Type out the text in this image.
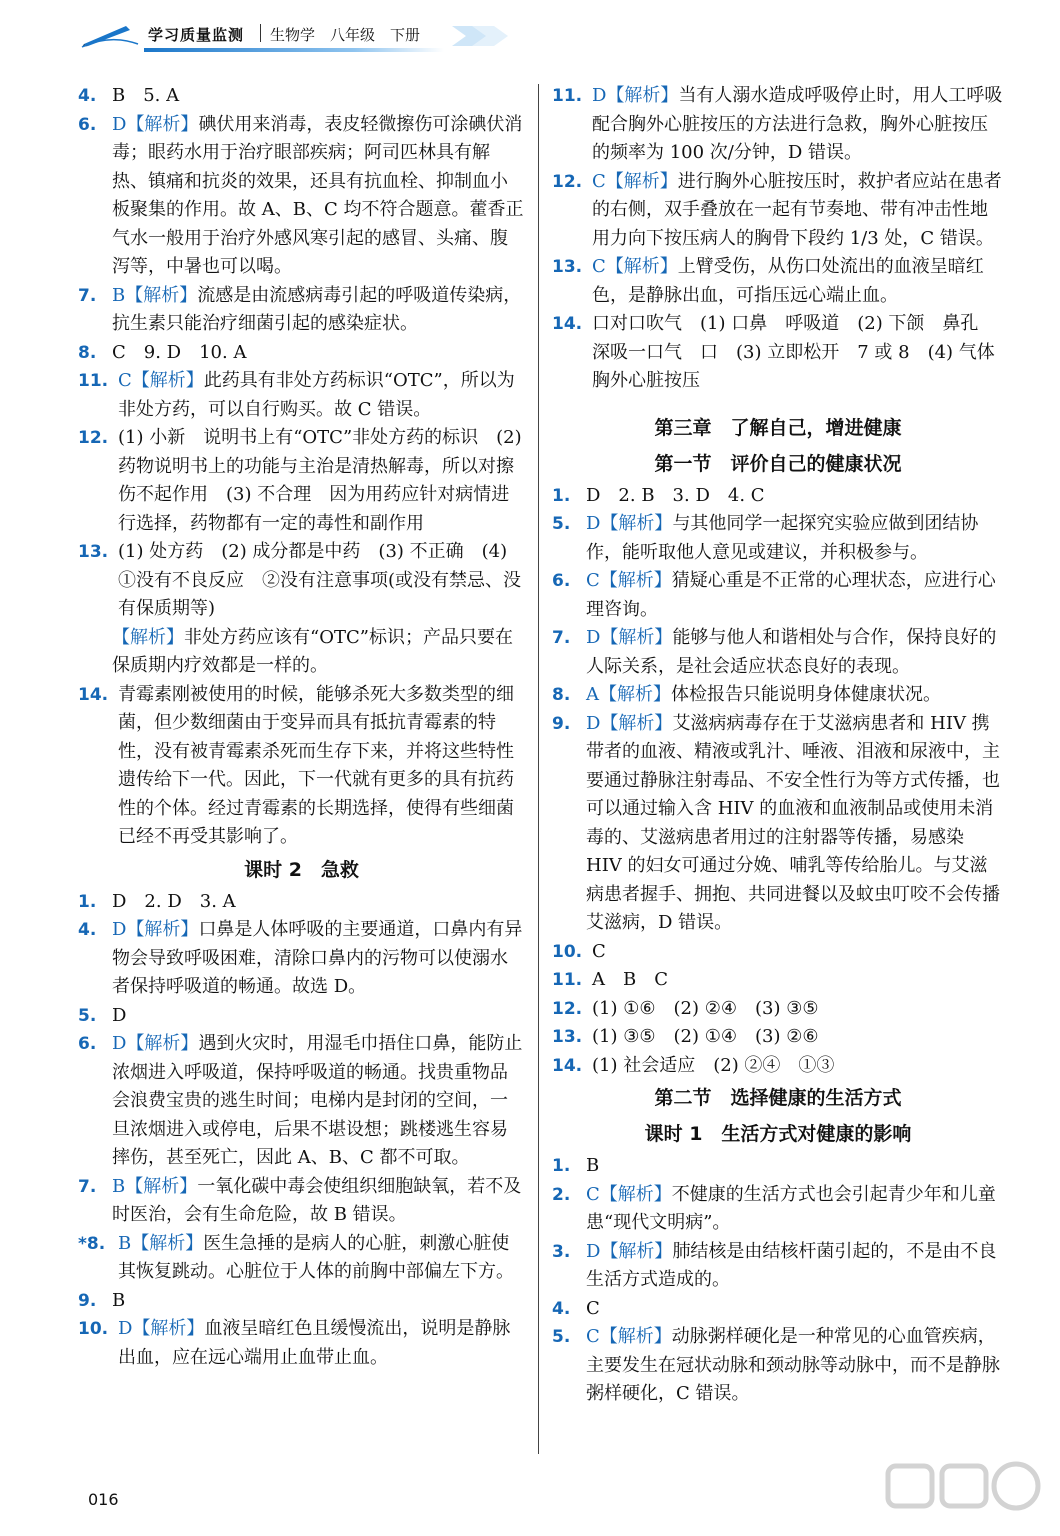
学习质量监测 生物学　八年级　下册
4. B　5. A
6. D【解析】碘伏用来消毒，表皮轻微擦伤可涂碘伏消毒；眼药水用于治疗眼部疾病；阿司匹林具有解热、镇痛和抗炎的效果，还具有抗血栓、抑制血小板聚集的作用。故 A、B、C 均不符合题意。藿香正气水一般用于治疗外感风寒引起的感冒、头痛、腹泻等，中暑也可以喝。
7. B【解析】流感是由流感病毒引起的呼吸道传染病，抗生素只能治疗细菌引起的感染症状。
8. C　9. D　10. A
11. C【解析】此药具有非处方药标识“OTC”，所以为非处方药，可以自行购买。故 C 错误。
12. (1) 小新　说明书上有“OTC”非处方药的标识　(2) 药物说明书上的功能与主治是清热解毒，所以对擦伤不起作用　(3) 不合理　因为用药应针对病情进行选择，药物都有一定的毒性和副作用
13. (1) 处方药　(2) 成分都是中药　(3) 不正确　(4) ①没有不良反应　②没有注意事项(或没有禁忌、没有保质期等)
【解析】非处方药应该有“OTC”标识；产品只要在保质期内疗效都是一样的。
14. 青霉素刚被使用的时候，能够杀死大多数类型的细菌，但少数细菌由于变异而具有抵抗青霉素的特性，没有被青霉素杀死而生存下来，并将这些特性遗传给下一代。因此，下一代就有更多的具有抗药性的个体。经过青霉素的长期选择，使得有些细菌已经不再受其影响了。
课时 2　急救
1. D　2. D　3. A
4. D【解析】口鼻是人体呼吸的主要通道，口鼻内有异物会导致呼吸困难，清除口鼻内的污物可以使溺水者保持呼吸道的畅通。故选 D。
5. D
6. D【解析】遇到火灾时，用湿毛巾捂住口鼻，能防止浓烟进入呼吸道，保持呼吸道的畅通。找贵重物品会浪费宝贵的逃生时间；电梯内是封闭的空间，一旦浓烟进入或停电，后果不堪设想；跳楼逃生容易摔伤，甚至死亡，因此 A、B、C 都不可取。
7. B【解析】一氧化碳中毒会使组织细胞缺氧，若不及时医治，会有生命危险，故 B 错误。
*8. B【解析】医生急捶的是病人的心脏，刺激心脏使其恢复跳动。心脏位于人体的前胸中部偏左下方。
9. B
10. D【解析】血液呈暗红色且缓慢流出，说明是静脉出血，应在远心端用止血带止血。
11. D【解析】当有人溺水造成呼吸停止时，用人工呼吸配合胸外心脏按压的方法进行急救，胸外心脏按压的频率为 100 次/分钟，D 错误。
12. C【解析】进行胸外心脏按压时，救护者应站在患者的右侧，双手叠放在一起有节奏地、带有冲击性地用力向下按压病人的胸骨下段约 1/3 处，C 错误。
13. C【解析】上臂受伤，从伤口处流出的血液呈暗红色，是静脉出血，可指压远心端止血。
14. 口对口吹气　(1) 口鼻　呼吸道　(2) 下颌　鼻孔　深吸一口气　口　(3) 立即松开　7 或 8　(4) 气体　胸外心脏按压
第三章　了解自己，增进健康
第一节　评价自己的健康状况
1. D　2. B　3. D　4. C
5. D【解析】与其他同学一起探究实验应做到团结协作，能听取他人意见或建议，并积极参与。
6. C【解析】猜疑心重是不正常的心理状态，应进行心理咨询。
7. D【解析】能够与他人和谐相处与合作，保持良好的人际关系，是社会适应状态良好的表现。
8. A【解析】体检报告只能说明身体健康状况。
9. D【解析】艾滋病病毒存在于艾滋病患者和 HIV 携带者的血液、精液或乳汁、唾液、泪液和尿液中，主要通过静脉注射毒品、不安全性行为等方式传播，也可以通过输入含 HIV 的血液和血液制品或使用未消毒的、艾滋病患者用过的注射器等传播，易感染 HIV 的妇女可通过分娩、哺乳等传给胎儿。与艾滋病患者握手、拥抱、共同进餐以及蚊虫叮咬不会传播艾滋病，D 错误。
10. C
11. A　B　C
12. (1) ①⑥　(2) ②④　(3) ③⑤
13. (1) ③⑤　(2) ①④　(3) ②⑥
14. (1) 社会适应　(2) ②④　①③
第二节　选择健康的生活方式
课时 1　生活方式对健康的影响
1. B
2. C【解析】不健康的生活方式也会引起青少年和儿童患“现代文明病”。
3. D【解析】肺结核是由结核杆菌引起的，不是由不良生活方式造成的。
4. C
5. C【解析】动脉粥样硬化是一种常见的心血管疾病，主要发生在冠状动脉和颈动脉等动脉中，而不是静脉粥样硬化，C 错误。
016
